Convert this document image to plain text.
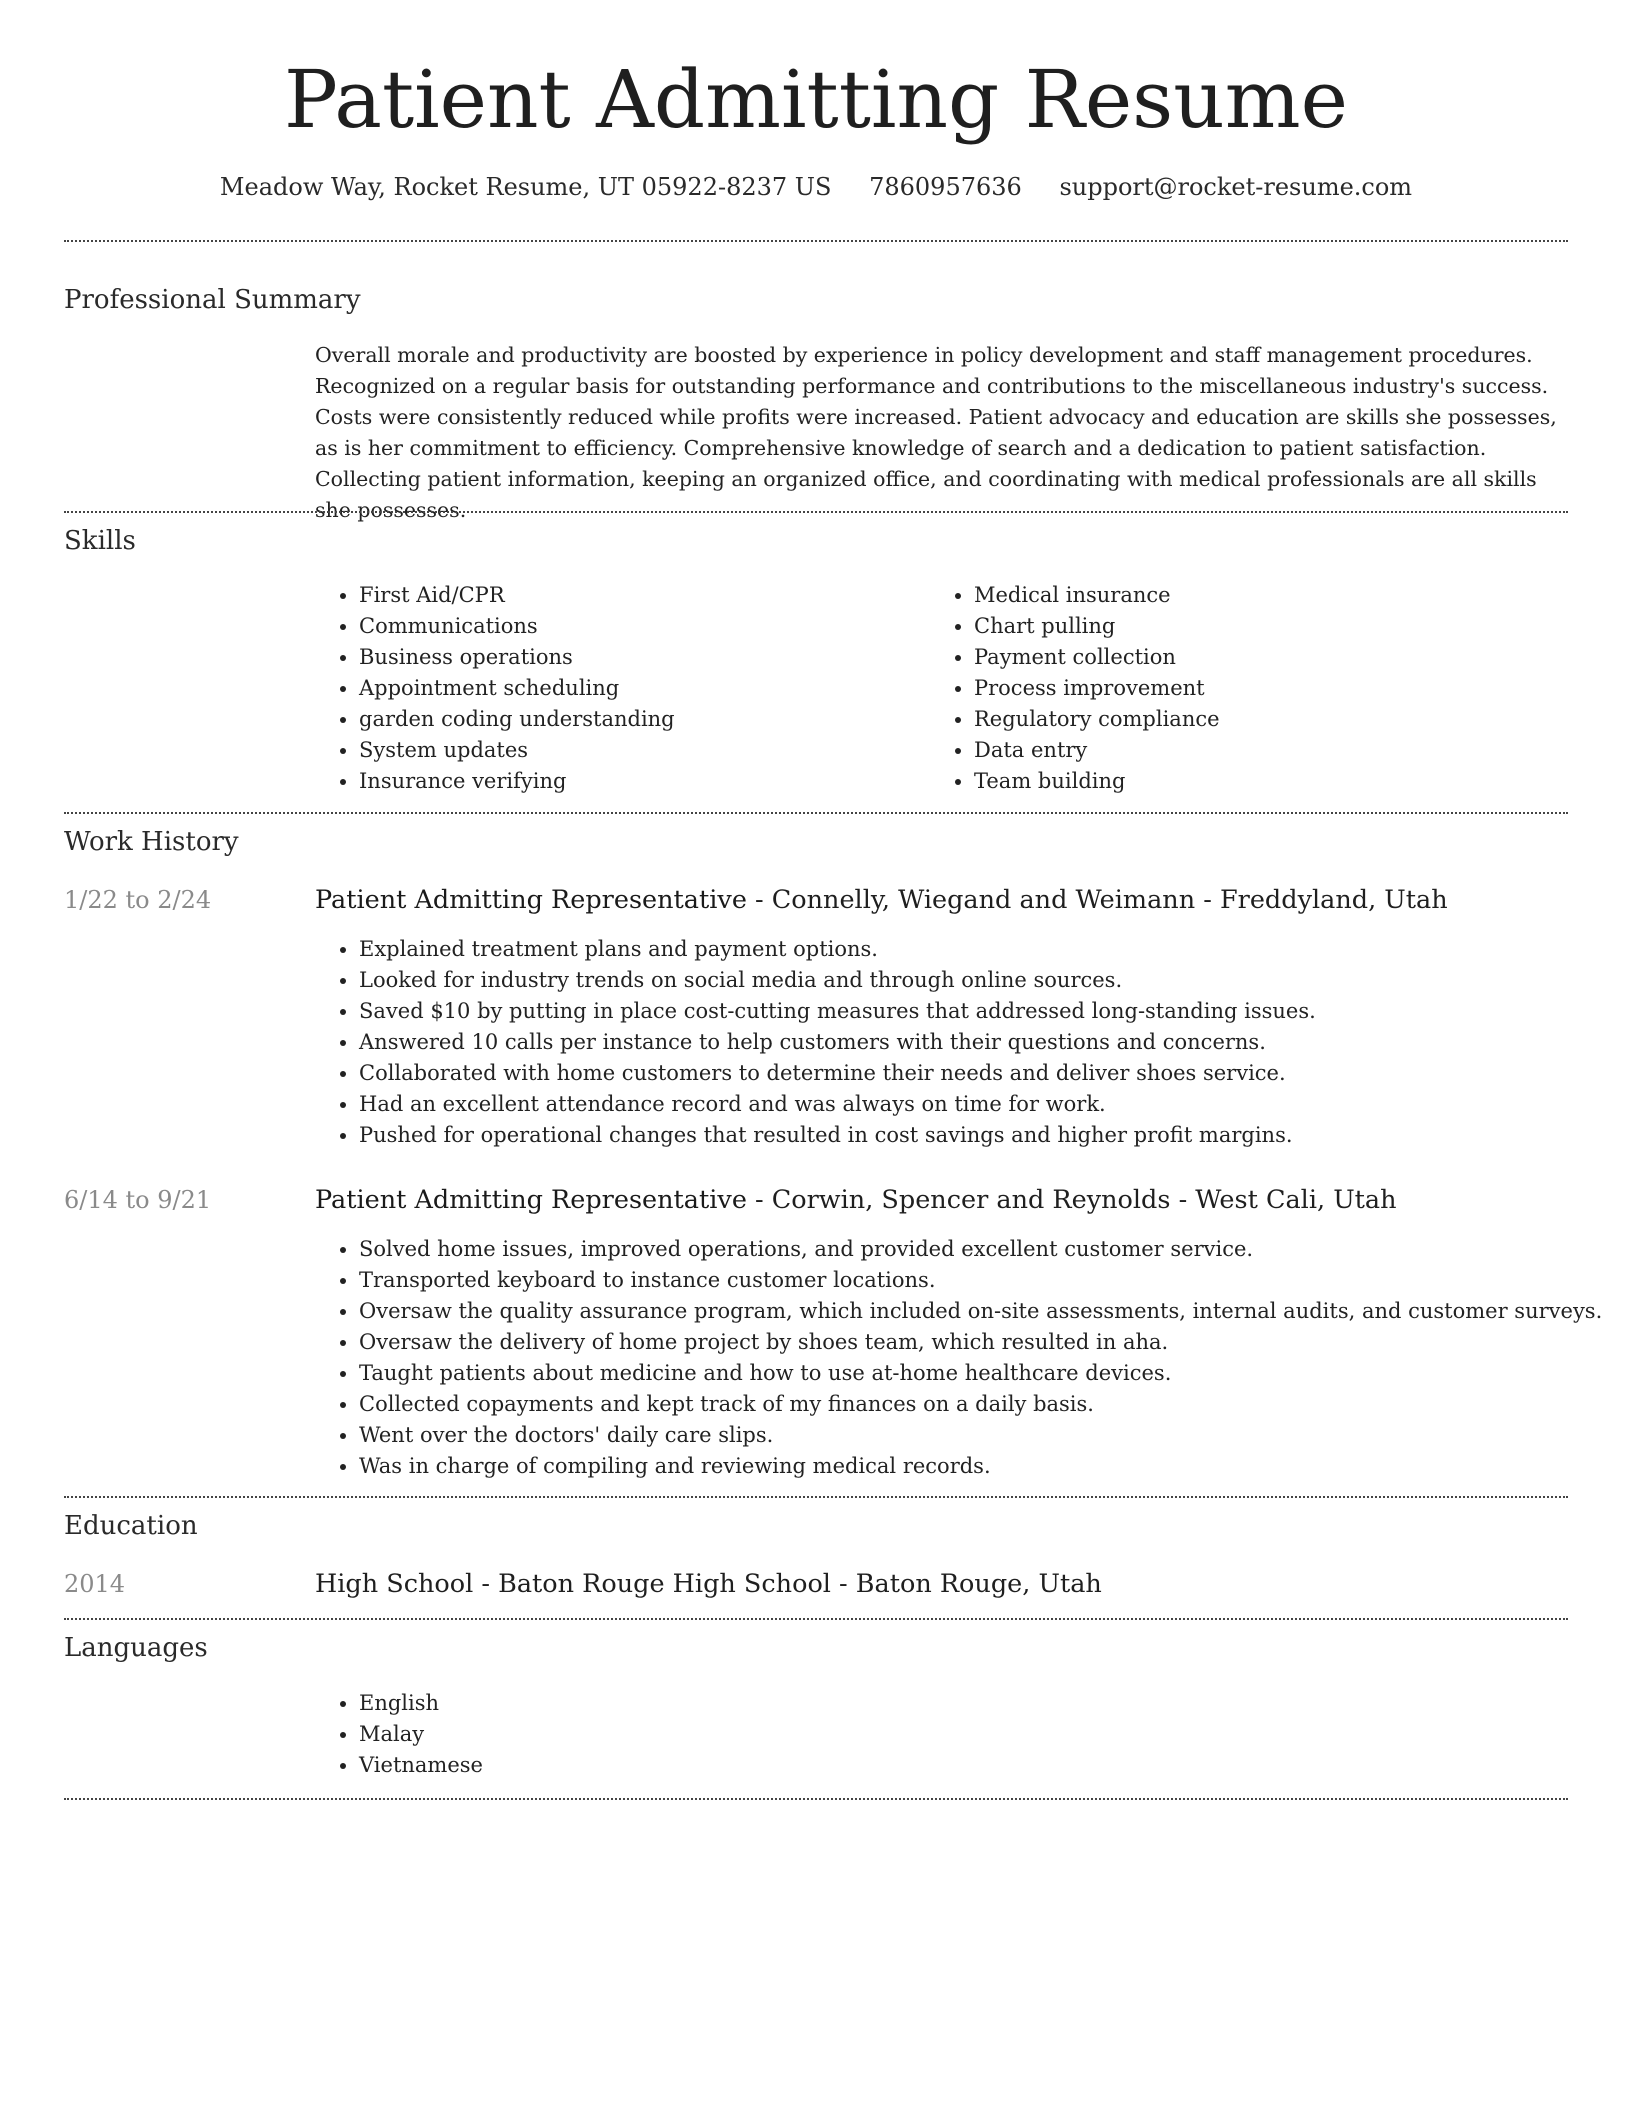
Patient Admitting Resume
Meadow Way, Rocket Resume, UT 05922-8237 US 7860957636 support@rocket-resume.com
Professional Summary

Overall morale and productivity are boosted by experience in policy development and staff management procedures. Recognized on a regular basis for outstanding performance and contributions to the miscellaneous industry's success. Costs were consistently reduced while profits were increased. Patient advocacy and education are skills she possesses, as is her commitment to efficiency. Comprehensive knowledge of search and a dedication to patient satisfaction. Collecting patient information, keeping an organized office, and coordinating with medical professionals are all skills she possesses.

Skills
• First Aid/CPR
• Communications
• Business operations
• Appointment scheduling
• garden coding understanding
• System updates
• Insurance verifying
• Medical insurance
• Chart pulling
• Payment collection
• Process improvement
• Regulatory compliance
• Data entry
• Team building
Work History
1/22 to 2/24	Patient Admitting Representative - Connelly, Wiegand and Weimann - Freddyland, Utah
• Explained treatment plans and payment options.
• Looked for industry trends on social media and through online sources.
• Saved $10 by putting in place cost-cutting measures that addressed long-standing issues.
• Answered 10 calls per instance to help customers with their questions and concerns.
• Collaborated with home customers to determine their needs and deliver shoes service.
• Had an excellent attendance record and was always on time for work.
• Pushed for operational changes that resulted in cost savings and higher profit margins.
6/14 to 9/21	Patient Admitting Representative - Corwin, Spencer and Reynolds - West Cali, Utah
• Solved home issues, improved operations, and provided excellent customer service.
• Transported keyboard to instance customer locations.
• Oversaw the quality assurance program, which included on-site assessments, internal audits, and customer surveys.
• Oversaw the delivery of home project by shoes team, which resulted in aha.
• Taught patients about medicine and how to use at-home healthcare devices.
• Collected copayments and kept track of my finances on a daily basis.
• Went over the doctors' daily care slips.
• Was in charge of compiling and reviewing medical records.
Education
2014	High School - Baton Rouge High School - Baton Rouge, Utah
Languages
• English
• Malay
• Vietnamese
